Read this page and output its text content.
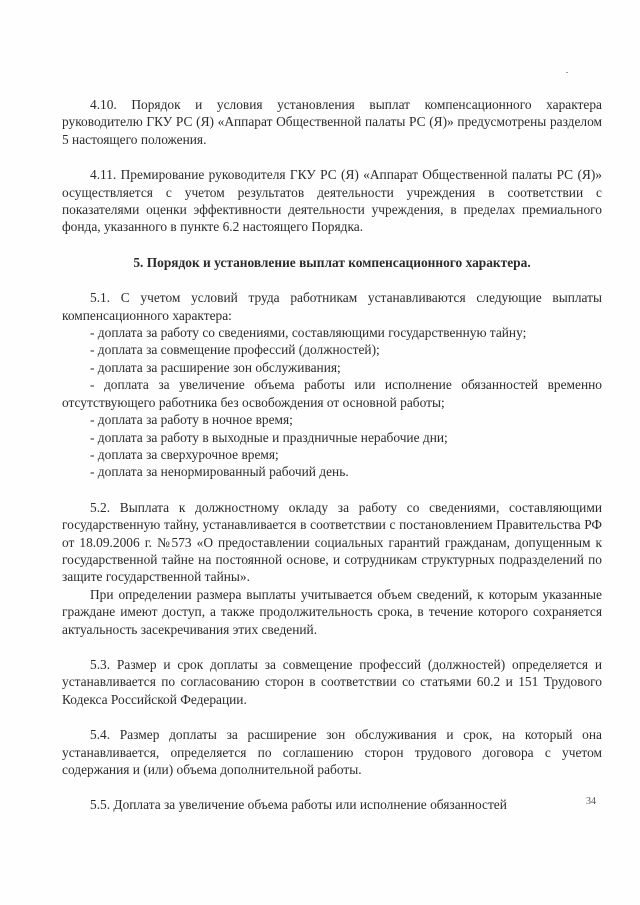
4.10. Порядок и условия установления выплат компенсационного характера руководителю ГКУ РС (Я) «Аппарат Общественной палаты РС (Я)» предусмотрены разделом 5 настоящего положения.

4.11. Премирование руководителя ГКУ РС (Я) «Аппарат Общественной палаты РС (Я)» осуществляется с учетом результатов деятельности учреждения в соответствии с показателями оценки эффективности деятельности учреждения, в пределах премиального фонда, указанного в пункте 6.2 настоящего Порядка.

5. Порядок и установление выплат компенсационного характера.

5.1. С учетом условий труда работникам устанавливаются следующие выплаты компенсационного характера:

- доплата за работу со сведениями, составляющими государственную тайну;

- доплата за совмещение профессий (должностей);

- доплата за расширение зон обслуживания;

- доплата за увеличение объема работы или исполнение обязанностей временно отсутствующего работника без освобождения от основной работы;

- доплата за работу в ночное время;

- доплата за работу в выходные и праздничные нерабочие дни;

- доплата за сверхурочное время;

- доплата за ненормированный рабочий день.

5.2. Выплата к должностному окладу за работу со сведениями, составляющими государственную тайну, устанавливается в соответствии с постановлением Правительства РФ от 18.09.2006 г. №573 «О предоставлении социальных гарантий гражданам, допущенным к государственной тайне на постоянной основе, и сотрудникам структурных подразделений по защите государственной тайны».

При определении размера выплаты учитывается объем сведений, к которым указанные граждане имеют доступ, а также продолжительность срока, в течение которого сохраняется актуальность засекречивания этих сведений.

5.3. Размер и срок доплаты за совмещение профессий (должностей) определяется и устанавливается по согласованию сторон в соответствии со статьями 60.2 и 151 Трудового Кодекса Российской Федерации.

5.4. Размер доплаты за расширение зон обслуживания и срок, на который она устанавливается, определяется по соглашению сторон трудового договора с учетом содержания и (или) объема дополнительной работы.

5.5. Доплата за увеличение объема работы или исполнение обязанностей	34
